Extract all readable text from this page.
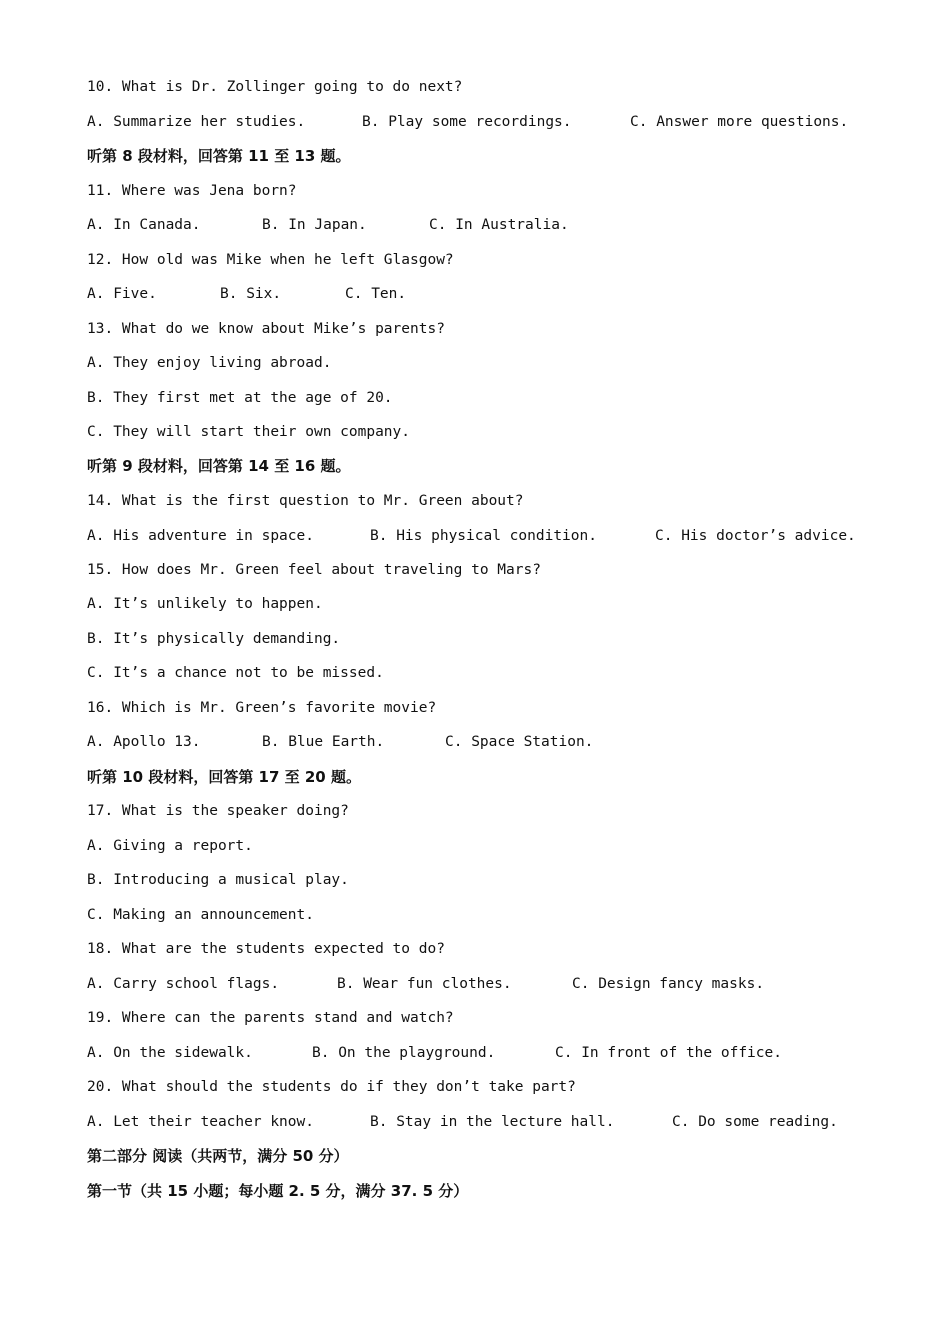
10. What is Dr. Zollinger going to do next?

A. Summarize her studies.

	B. Play some recordings.

	C. Answer more questions.

听第 8 段材料，回答第 11 至 13 题。
11. Where was Jena born?

A. In Canada.

	B. In Japan.

	C. In Australia.

12. How old was Mike when he left Glasgow?

A. Five.

	B. Six.

	C. Ten.

13. What do we know about Mike’s parents?
A. They enjoy living abroad.
B. They first met at the age of 20.
C. They will start their own company.
听第 9 段材料，回答第 14 至 16 题。
14. What is the first question to Mr. Green about?

A. His adventure in space.

	B. His physical condition.

	C. His doctor’s advice.

15. How does Mr. Green feel about traveling to Mars?
A. It’s unlikely to happen.
B. It’s physically demanding.
C. It’s a chance not to be missed.
16. Which is Mr. Green’s favorite movie?

A. Apollo 13.

	B. Blue Earth.

	C. Space Station.

听第 10 段材料，回答第 17 至 20 题。
17. What is the speaker doing?
A. Giving a report.
B. Introducing a musical play.
C. Making an announcement.
18. What are the students expected to do?

A. Carry school flags.

	B. Wear fun clothes.

	C. Design fancy masks.

19. Where can the parents stand and watch?

A. On the sidewalk.

	B. On the playground.

	C. In front of the office.

20. What should the students do if they don’t take part?

A. Let their teacher know.

	B. Stay in the lecture hall.

	C. Do some reading.

第二部分 阅读（共两节，满分 50 分）
第一节（共 15 小题；每小题 2. 5 分，满分 37. 5 分）
